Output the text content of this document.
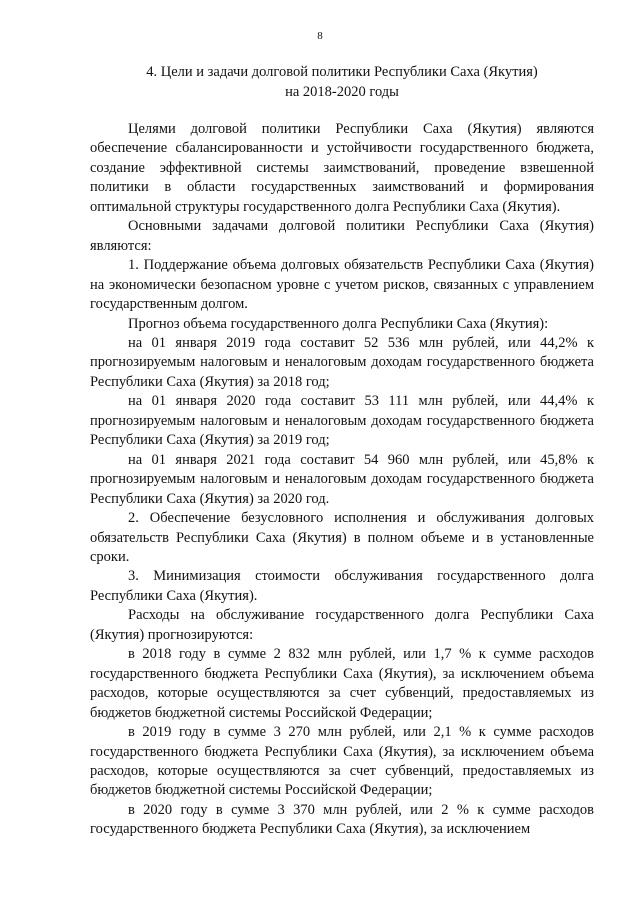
8
4. Цели и задачи долговой политики Республики Саха (Якутия)
на 2018-2020 годы

Целями долговой политики Республики Саха (Якутия) являются обеспечение сбалансированности и устойчивости государственного бюджета, создание эффективной системы заимствований, проведение взвешенной политики в области государственных заимствований и формирования оптимальной структуры государственного долга Республики Саха (Якутия).

Основными задачами долговой политики Республики Саха (Якутия) являются:

1. Поддержание объема долговых обязательств Республики Саха (Якутия) на экономически безопасном уровне с учетом рисков, связанных с управлением государственным долгом.

Прогноз объема государственного долга Республики Саха (Якутия):

на 01 января 2019 года составит 52 536 млн рублей, или 44,2% к прогнозируемым налоговым и неналоговым доходам государственного бюджета Республики Саха (Якутия) за 2018 год;

на 01 января 2020 года составит 53 111 млн рублей, или 44,4% к прогнозируемым налоговым и неналоговым доходам государственного бюджета Республики Саха (Якутия) за 2019 год;

на 01 января 2021 года составит 54 960 млн рублей, или 45,8% к прогнозируемым налоговым и неналоговым доходам государственного бюджета Республики Саха (Якутия) за 2020 год.

2. Обеспечение безусловного исполнения и обслуживания долговых обязательств Республики Саха (Якутия) в полном объеме и в установленные сроки.

3. Минимизация стоимости обслуживания государственного долга Республики Саха (Якутия).

Расходы на обслуживание государственного долга Республики Саха (Якутия) прогнозируются:

в 2018 году в сумме 2 832 млн рублей, или 1,7 % к сумме расходов государственного бюджета Республики Саха (Якутия), за исключением объема расходов, которые осуществляются за счет субвенций, предоставляемых из бюджетов бюджетной системы Российской Федерации;

в 2019 году в сумме 3 270 млн рублей, или 2,1 % к сумме расходов государственного бюджета Республики Саха (Якутия), за исключением объема расходов, которые осуществляются за счет субвенций, предоставляемых из бюджетов бюджетной системы Российской Федерации;

в 2020 году в сумме 3 370 млн рублей, или 2 % к сумме расходов государственного бюджета Республики Саха (Якутия), за исключением
